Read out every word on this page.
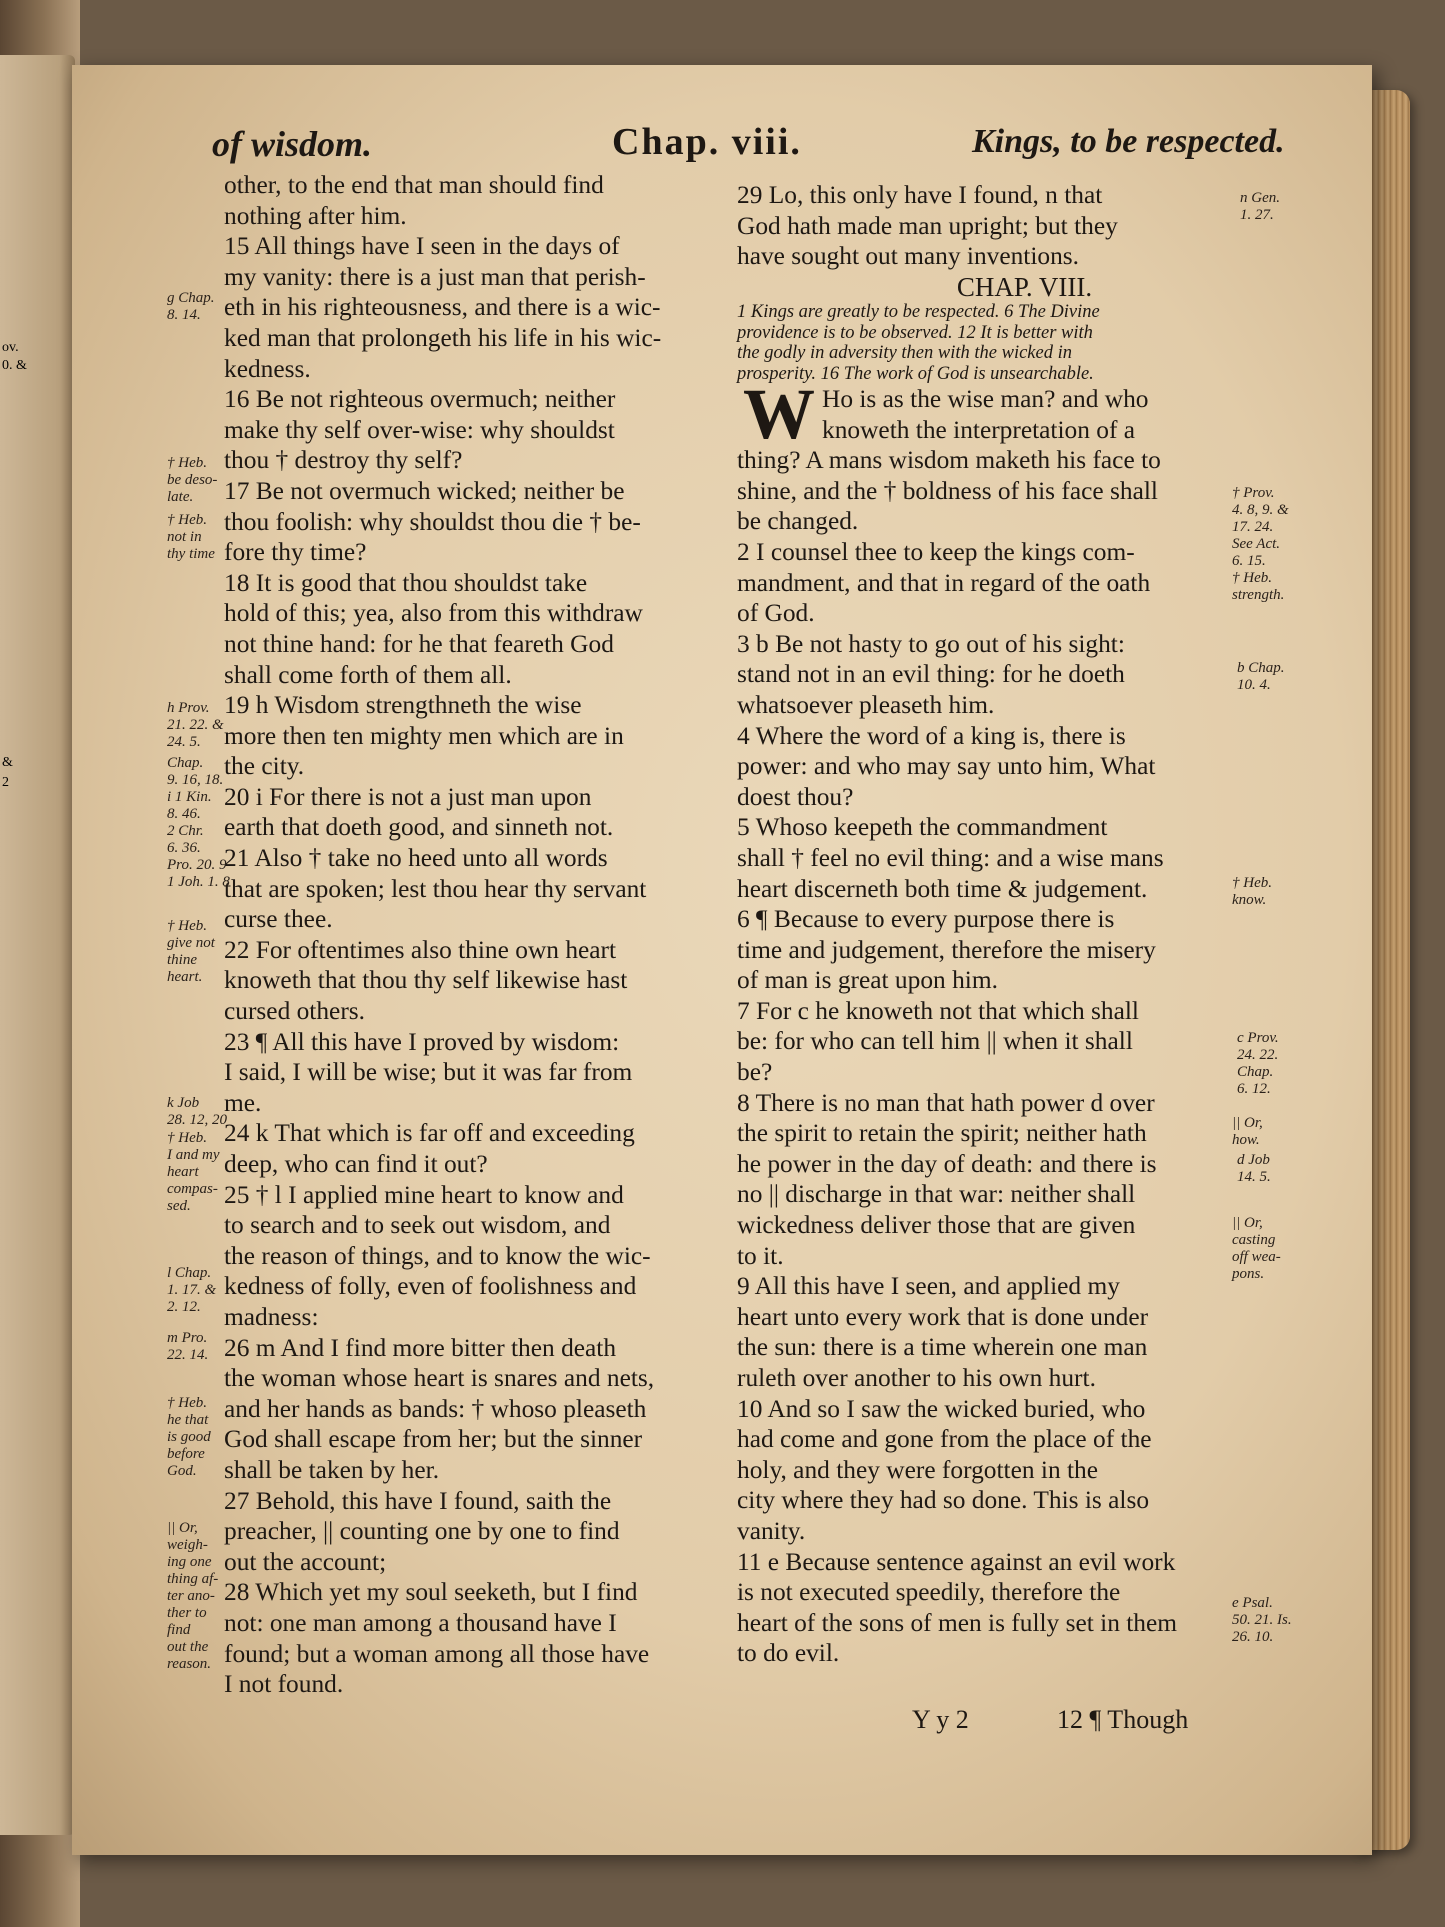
ov.
0. &
&
2
of wisdom.	Chap. viii.	Kings, to be respected.
other, to the end that man should find
nothing after him.
15 All things have I seen in the days of
my vanity: there is a just man that perish-
eth in his righteousness, and there is a wic-
ked man that prolongeth his life in his wic-
kedness.
16 Be not righteous overmuch; neither
make thy self over-wise: why shouldst
thou † destroy thy self?
17 Be not overmuch wicked; neither be
thou foolish: why shouldst thou die † be-
fore thy time?
18 It is good that thou shouldst take
hold of this; yea, also from this withdraw
not thine hand: for he that feareth God
shall come forth of them all.
19 h Wisdom strengthneth the wise
more then ten mighty men which are in
the city.
20 i For there is not a just man upon
earth that doeth good, and sinneth not.
21 Also † take no heed unto all words
that are spoken; lest thou hear thy servant
curse thee.
22 For oftentimes also thine own heart
knoweth that thou thy self likewise hast
cursed others.
23 ¶ All this have I proved by wisdom:
I said, I will be wise; but it was far from
me.
24 k That which is far off and exceeding
deep, who can find it out?
25 † l I applied mine heart to know and
to search and to seek out wisdom, and
the reason of things, and to know the wic-
kedness of folly, even of foolishness and
madness:
26 m And I find more bitter then death
the woman whose heart is snares and nets,
and her hands as bands: † whoso pleaseth
God shall escape from her; but the sinner
shall be taken by her.
27 Behold, this have I found, saith the
preacher, || counting one by one to find
out the account;
28 Which yet my soul seeketh, but I find
not: one man among a thousand have I
found; but a woman among all those have
I not found.
29 Lo, this only have I found, n that
God hath made man upright; but they
have sought out many inventions.
CHAP. VIII.
1 Kings are greatly to be respected. 6 The Divine
providence is to be observed. 12 It is better with
the godly in adversity then with the wicked in
prosperity. 16 The work of God is unsearchable.
W Ho is as the wise man? and who
knoweth the interpretation of a
thing? A mans wisdom maketh his face to
shine, and the † boldness of his face shall
be changed.
2 I counsel thee to keep the kings com-
mandment, and that in regard of the oath
of God.
3 b Be not hasty to go out of his sight:
stand not in an evil thing: for he doeth
whatsoever pleaseth him.
4 Where the word of a king is, there is
power: and who may say unto him, What
doest thou?
5 Whoso keepeth the commandment
shall † feel no evil thing: and a wise mans
heart discerneth both time & judgement.
6 ¶ Because to every purpose there is
time and judgement, therefore the misery
of man is great upon him.
7 For c he knoweth not that which shall
be: for who can tell him || when it shall
be?
8 There is no man that hath power d over
the spirit to retain the spirit; neither hath
he power in the day of death: and there is
no || discharge in that war: neither shall
wickedness deliver those that are given
to it.
9 All this have I seen, and applied my
heart unto every work that is done under
the sun: there is a time wherein one man
ruleth over another to his own hurt.
10 And so I saw the wicked buried, who
had come and gone from the place of the
holy, and they were forgotten in the
city where they had so done. This is also
vanity.
11 e Because sentence against an evil work
is not executed speedily, therefore the
heart of the sons of men is fully set in them
to do evil.
g Chap.
8. 14.
† Heb.
be deso-
late.
† Heb.
not in
thy time
h Prov.
21. 22. &
24. 5.
Chap.
9. 16, 18.
i 1 Kin.
8. 46.
2 Chr.
6. 36.
Pro. 20. 9
1 Joh. 1. 8
† Heb.
give not
thine
heart.
k Job
28. 12, 20
† Heb.
I and my
heart
compas-
sed.
l Chap.
1. 17. &
2. 12.
m Pro.
22. 14.
† Heb.
he that
is good
before
God.
|| Or,
weigh-
ing one
thing af-
ter ano-
ther to
find
out the
reason.
n Gen.
1. 27.
† Prov.
4. 8, 9. &
17. 24.
See Act.
6. 15.
† Heb.
strength.
b Chap.
10. 4.
† Heb.
know.
c Prov.
24. 22.
Chap.
6. 12.
|| Or,
how.
d Job
14. 5.
|| Or,
casting
off wea-
pons.
e Psal.
50. 21. Is.
26. 10.
Y y 2	12 ¶ Though
